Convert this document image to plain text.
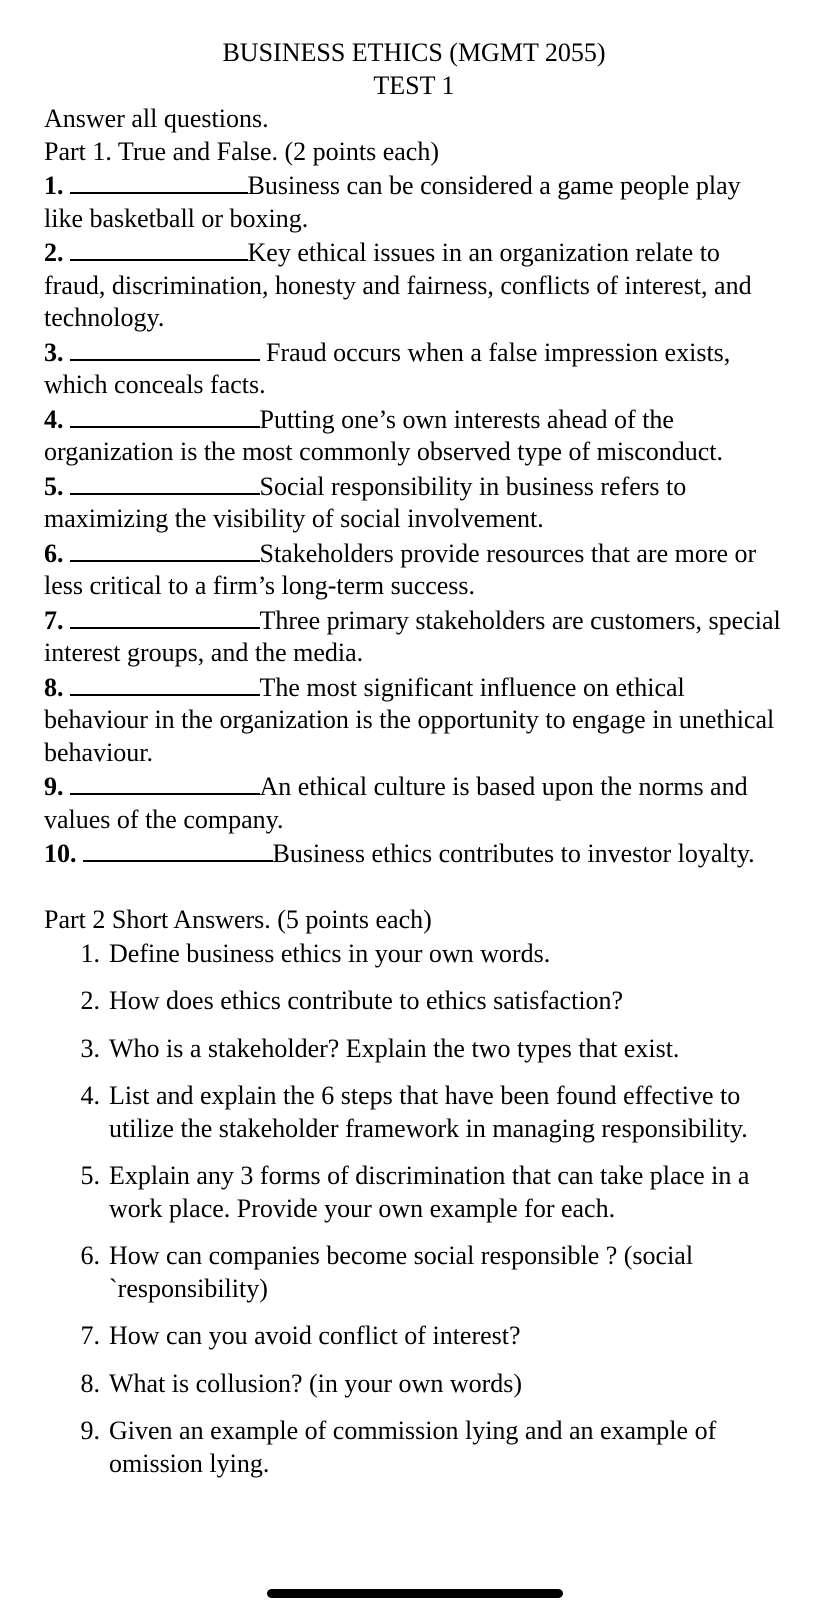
BUSINESS ETHICS (MGMT 2055)
TEST 1
Answer all questions.
Part 1. True and False. (2 points each)
1.	Business can be considered a game people play like basketball or boxing.
2.	Key ethical issues in an organization relate to fraud, discrimination, honesty and fairness, conflicts of interest, and technology.
3.	Fraud occurs when a false impression exists, which conceals facts.
4.	Putting one’s own interests ahead of the organization is the most commonly observed type of misconduct.
5.	Social responsibility in business refers to maximizing the visibility of social involvement.
6.	Stakeholders provide resources that are more or less critical to a firm’s long-term success.
7.	Three primary stakeholders are customers, special interest groups, and the media.
8.	The most significant influence on ethical behaviour in the organization is the opportunity to engage in unethical behaviour.
9.	An ethical culture is based upon the norms and values of the company.
10.	Business ethics contributes to investor loyalty.
Part 2 Short Answers. (5 points each)
1. Define business ethics in your own words.
2. How does ethics contribute to ethics satisfaction?
3. Who is a stakeholder? Explain the two types that exist.
4. List and explain the 6 steps that have been found effective to utilize the stakeholder framework in managing responsibility.
5. Explain any 3 forms of discrimination that can take place in a work place. Provide your own example for each.
6. How can companies become social responsible ? (social `responsibility)
7. How can you avoid conflict of interest?
8. What is collusion? (in your own words)
9. Given an example of commission lying and an example of omission lying.
